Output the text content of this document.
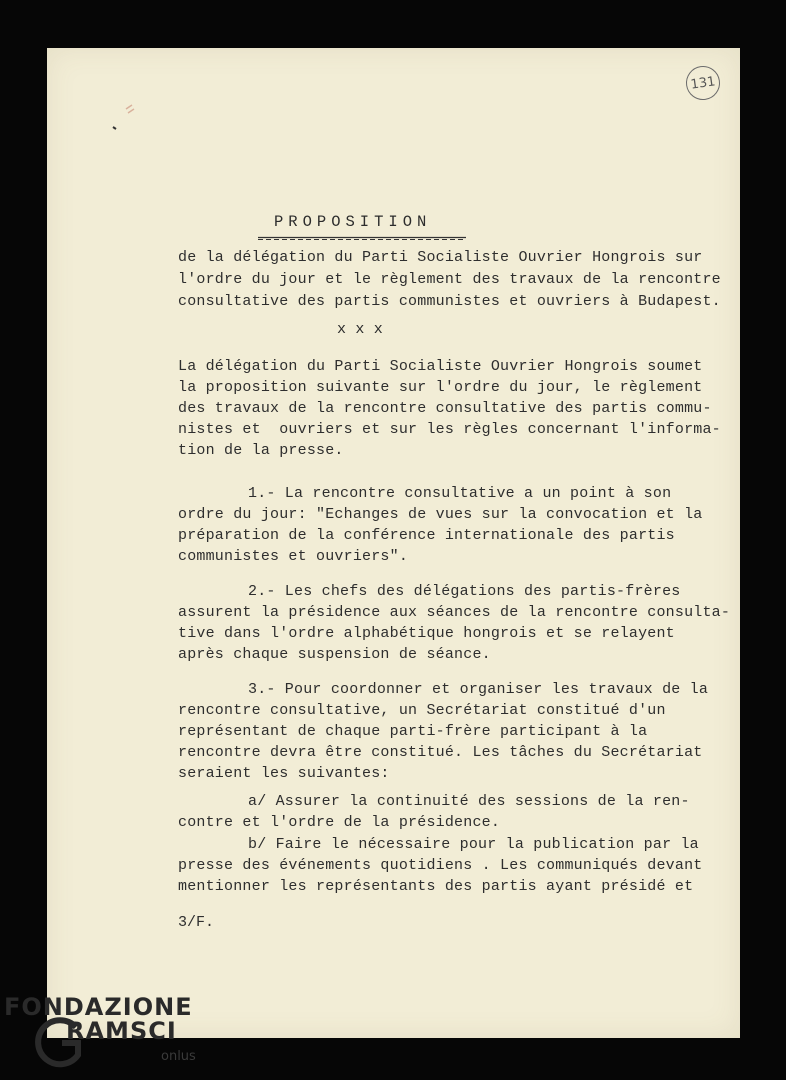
131
PROPOSITION
de la délégation du Parti Socialiste Ouvrier Hongrois sur
l'ordre du jour et le règlement des travaux de la rencontre
consultative des partis communistes et ouvriers à Budapest.
x x x
La délégation du Parti Socialiste Ouvrier Hongrois soumet
la proposition suivante sur l'ordre du jour, le règlement
des travaux de la rencontre consultative des partis commu-
nistes et  ouvriers et sur les règles concernant l'informa-
tion de la presse.
1.- La rencontre consultative a un point à son
ordre du jour: "Echanges de vues sur la convocation et la
préparation de la conférence internationale des partis
communistes et ouvriers".
2.- Les chefs des délégations des partis-frères
assurent la présidence aux séances de la rencontre consulta-
tive dans l'ordre alphabétique hongrois et se relayent
après chaque suspension de séance.
3.- Pour coordonner et organiser les travaux de la
rencontre consultative, un Secrétariat constitué d'un
représentant de chaque parti-frère participant à la
rencontre devra être constitué. Les tâches du Secrétariat
seraient les suivantes:
a/ Assurer la continuité des sessions de la ren-
contre et l'ordre de la présidence.
b/ Faire le nécessaire pour la publication par la
presse des événements quotidiens . Les communiqués devant
mentionner les représentants des partis ayant présidé et
3/F.
FONDAZIONE
RAMSCI
onlus
